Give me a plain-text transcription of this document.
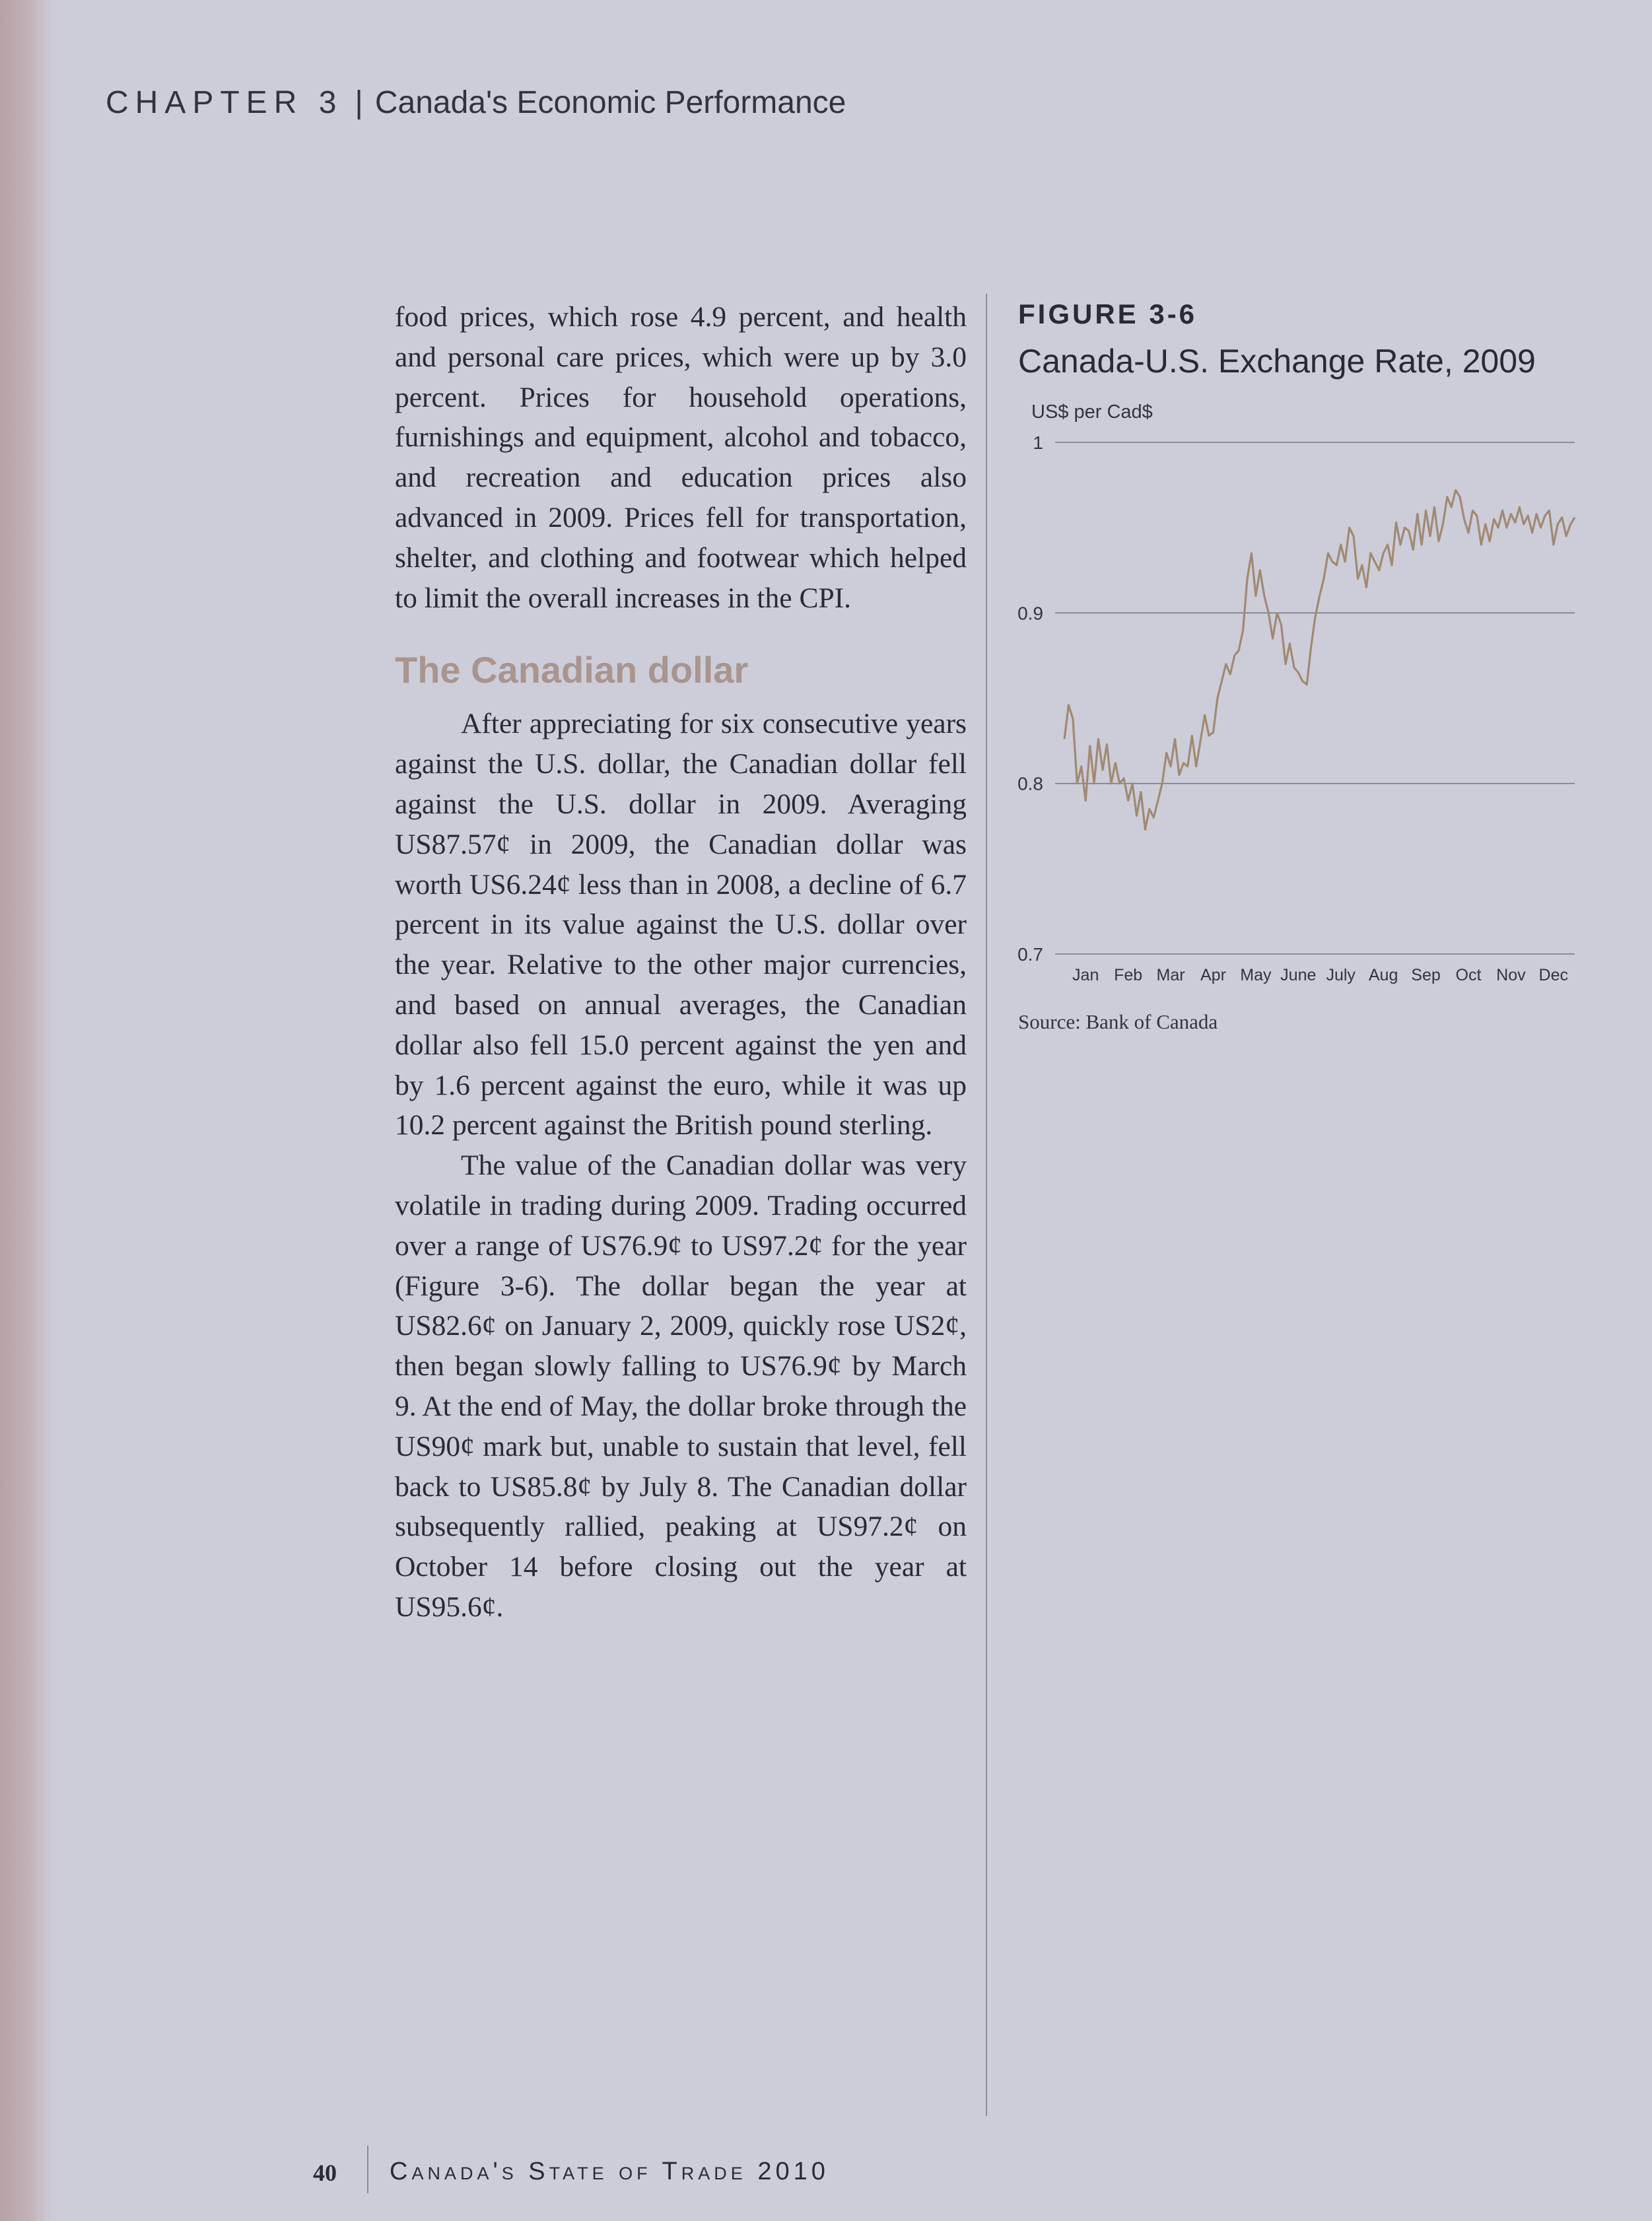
CHAPTER 3 | Canada's Economic Performance

food prices, which rose 4.9 percent, and health and personal care prices, which were up by 3.0 percent. Prices for household operations, furnishings and equipment, alcohol and tobacco, and recreation and education prices also advanced in 2009. Prices fell for transportation, shelter, and clothing and footwear which helped to limit the overall increases in the CPI.

The Canadian dollar

After appreciating for six consecutive years against the U.S. dollar, the Canadian dollar fell against the U.S. dollar in 2009. Averaging US87.57¢ in 2009, the Canadian dollar was worth US6.24¢ less than in 2008, a decline of 6.7 percent in its value against the U.S. dollar over the year. Relative to the other major currencies, and based on annual averages, the Canadian dollar also fell 15.0 percent against the yen and by 1.6 percent against the euro, while it was up 10.2 percent against the British pound sterling.

The value of the Canadian dollar was very volatile in trading during 2009. Trading occurred over a range of US76.9¢ to US97.2¢ for the year (Figure 3-6). The dollar began the year at US82.6¢ on January 2, 2009, quickly rose US2¢, then began slowly falling to US76.9¢ by March 9. At the end of May, the dollar broke through the US90¢ mark but, unable to sustain that level, fell back to US85.8¢ by July 8. The Canadian dollar subsequently rallied, peaking at US97.2¢ on October 14 before closing out the year at US95.6¢.

FIGURE 3-6
Canada-U.S. Exchange Rate, 2009
US$ per Cad$
0.7
0.8
0.9
1
Jan Feb Mar Apr May June July Aug Sep Oct Nov Dec
Source: Bank of Canada
40 Canada's State of Trade 2010
